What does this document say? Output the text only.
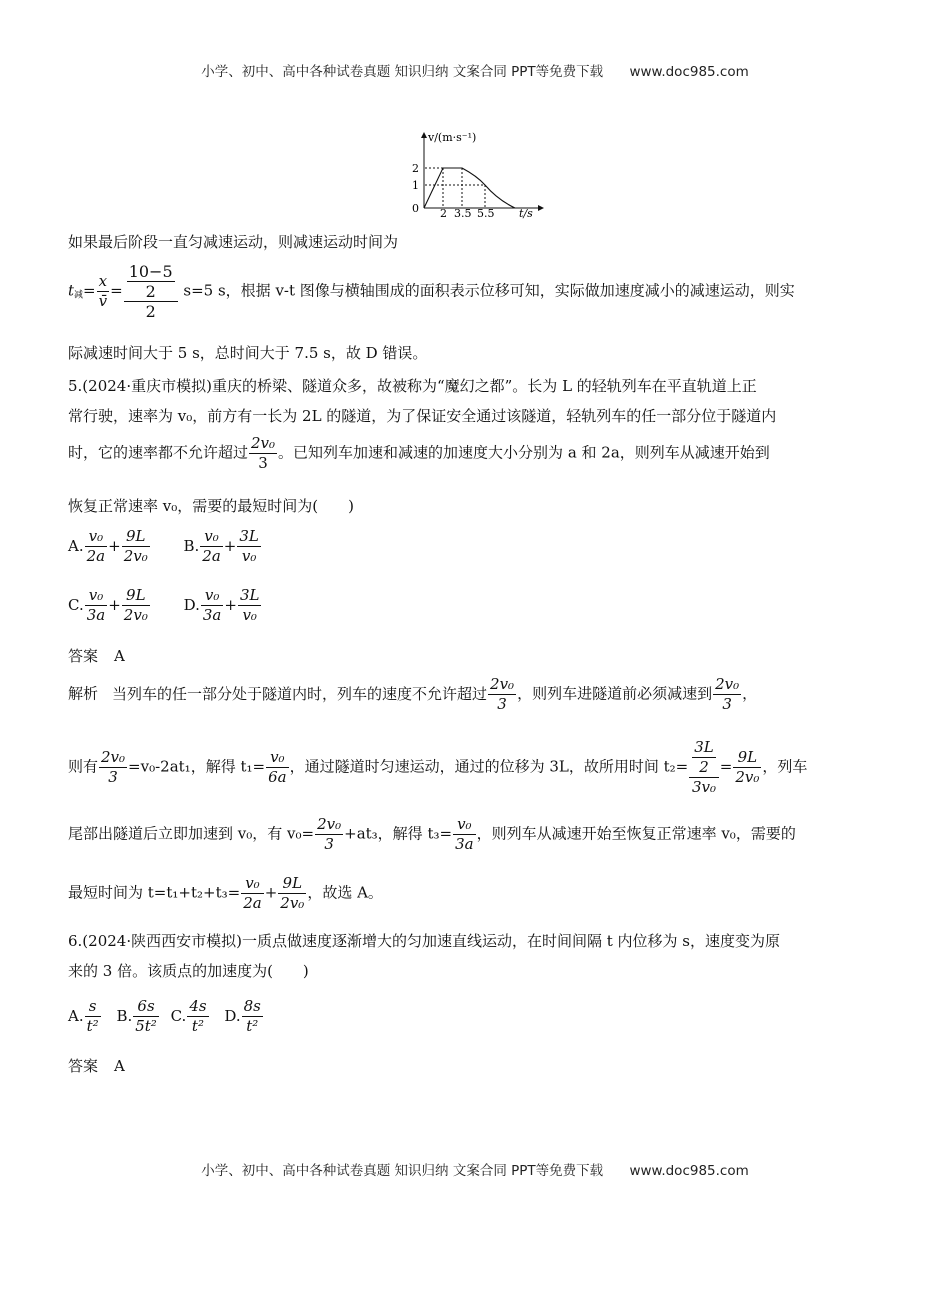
小学、初中、高中各种试卷真题 知识归纳 文案合同 PPT等免费下载 www.doc985.com
v/(m·s⁻¹)
0
2
1
2 3.5 5.5 t/s
如果最后阶段一直匀减速运动，则减速运动时间为
$t_减= \frac{x}{v̄} = \frac{\frac{10-5}{2}}{2} s=5$ s，根据 v-t 图像与横轴围成的面积表示位移可知，实际做加速度减小的减速运动，则实
际减速时间大于 5 s，总时间大于 7.5 s，故 D 错误。
5.(2024·重庆市模拟)重庆的桥梁、隧道众多，故被称为“魔幻之都”。长为 L 的轻轨列车在平直轨道上正
常行驶，速率为 v₀，前方有一长为 2L 的隧道，为了保证安全通过该隧道，轻轨列车的任一部分位于隧道内
时，它的速率都不允许超过 $\frac{\text{2v₀}}{3}$ 。已知列车加速和减速的加速度大小分别为 a 和 2a，则列车从减速开始到
恢复正常速率 v₀，需要的最短时间为(　　)
A. $\frac{\text{v₀}}{2a} + \frac{9L}{\text{2v₀}} B$. $\frac{\text{v₀}}{2a} + \frac{3L}{\text{v₀}}$
C. $\frac{\text{v₀}}{3a} + \frac{9L}{\text{2v₀}} D$. $\frac{\text{v₀}}{3a} + \frac{3L}{\text{v₀}}$
答案 A
解析 当列车的任一部分处于隧道内时，列车的速度不允许超过 $\frac{\text{2v₀}}{3}$ ，则列车进隧道前必须减速到 $\frac{\text{2v₀}}{3}$ ，
则有 $\frac{\text{2v₀}}{3} =v_0-2at_1$，解得 $t_1= \frac{\text{v₀}}{6a}$ ，通过隧道时匀速运动，通过的位移为 3L，故所用时间 $t_2= \frac{\frac{3L}{2}}{\text{3v₀}} = \frac{9L}{\text{2v₀}}$ ，列车
尾部出隧道后立即加速到 v₀，有 $v_0= \frac{\text{2v₀}}{3} +at_3$，解得 $t_3= \frac{\text{v₀}}{3a}$ ，则列车从减速开始至恢复正常速率 v₀，需要的
最短时间为 $t=t_1+t_2+t_3= \frac{\text{v₀}}{2a} + \frac{9L}{\text{2v₀}}$ ，故选 A。
6.(2024·陕西西安市模拟)一质点做速度逐渐增大的匀加速直线运动，在时间间隔 t 内位移为 s，速度变为原
来的 3 倍。该质点的加速度为(　　)
A. $\frac{s}{\text{t²}} B$. $\frac{6s}{\text{5t²}} C$. $\frac{4s}{\text{t²}} D$. $\frac{8s}{\text{t²}}$
答案 A
小学、初中、高中各种试卷真题 知识归纳 文案合同 PPT等免费下载 www.doc985.com
